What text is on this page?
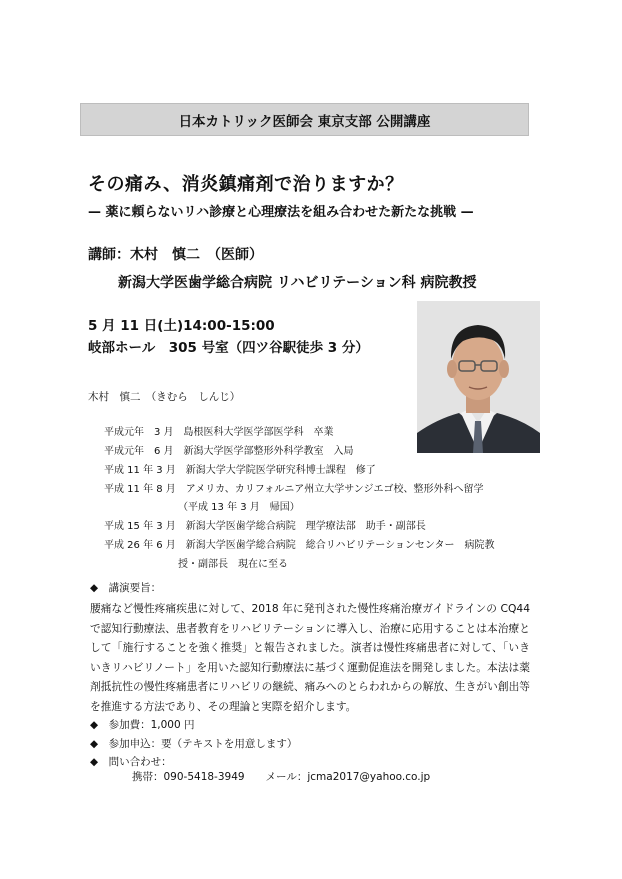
日本カトリック医師会 東京支部 公開講座
その痛み、消炎鎮痛剤で治りますか？
— 薬に頼らないリハ診療と心理療法を組み合わせた新たな挑戦 —
講師：木村　慎二　（医師）
新潟大学医歯学総合病院 リハビリテーション科 病院教授
5 月 11 日(土)14:00-15:00
岐部ホール　305 号室（四ツ谷駅徒歩 3 分）
木村　慎二　（きむら　しんじ）
平成元年　3 月　島根医科大学医学部医学科　卒業
平成元年　6 月　新潟大学医学部整形外科学教室　入局
平成 11 年 3 月　新潟大学大学院医学研究科博士課程　修了
平成 11 年 8 月　アメリカ、カリフォルニア州立大学サンジエゴ校、整形外科へ留学
（平成 13 年 3 月　帰国）
平成 15 年 3 月　新潟大学医歯学総合病院　理学療法部　助手・副部長
平成 26 年 6 月　新潟大学医歯学総合病院　総合リハビリテーションセンター　病院教
授・副部長　現在に至る
◆　講演要旨：
腰痛など慢性疼痛疾患に対して、2018 年に発刊された慢性疼痛治療ガイドラインの CQ44 で認知行動療法、患者教育をリハビリテーションに導入し、治療に応用することは本治療として「施行することを強く推奨」と報告されました。演者は慢性疼痛患者に対して、「いきいきリハビリノート」を用いた認知行動療法に基づく運動促進法を開発しました。本法は薬剤抵抗性の慢性疼痛患者にリハビリの継続、痛みへのとらわれからの解放、生きがい創出等を推進する方法であり、その理論と実際を紹介します。
◆　参加費：1,000 円
◆　参加申込：要（テキストを用意します）
◆　問い合わせ：
携帯：090-5418-3949　　メール：jcma2017@yahoo.co.jp
